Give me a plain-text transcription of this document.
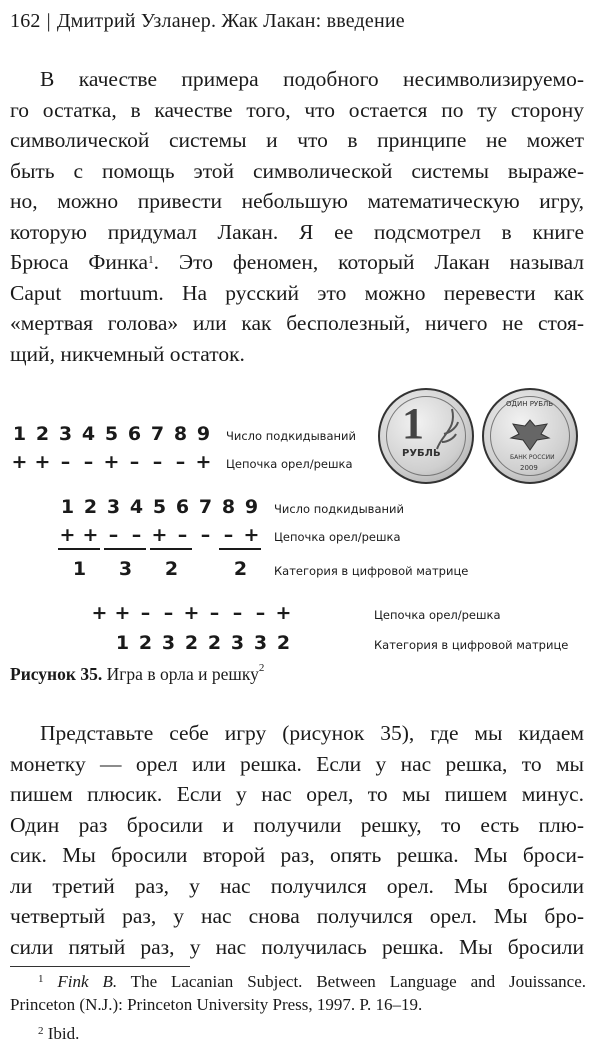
162 | Дмитрий Узланер. Жак Лакан: введение
В качестве примера подобного несимволизируемо-
го остатка, в качестве того, что остается по ту сторону
символической системы и что в принципе не может
быть с помощь этой символической системы выраже-
но, можно привести небольшую математическую игру,
которую придумал Лакан. Я ее подсмотрел в книге
Брюса Финка$^1$. Это феномен, который Лакан называл
Caput mortuum. На русский это можно перевести как
«мертвая голова» или как бесполезный, ничего не стоя-
щий, никчемный остаток.
1
РУБЛЬ
ОДИН РУБЛЬ
БАНК РОССИИ
2009
1 2 3 4 5 6 7 8 9	Число подкидываний
+ + – – + – – – +	Цепочка орел/решка
1 2 3 4 5 6 7 8 9	Число подкидываний
+ + – – + – – – +	Цепочка орел/решка
1 3 2	2	Категория в цифровой матрице
+ + – – + – – – +	Цепочка орел/решка
1 2 3 2 2 3 3 2	Категория в цифровой матрице
Рисунок 35. Игра в орла и решку$^2$
Представьте себе игру (рисунок 35), где мы кидаем
монетку — орел или решка. Если у нас решка, то мы
пишем плюсик. Если у нас орел, то мы пишем минус.
Один раз бросили и получили решку, то есть плю-
сик. Мы бросили второй раз, опять решка. Мы броси-
ли третий раз, у нас получился орел. Мы бросили
четвертый раз, у нас снова получился орел. Мы бро-
сили пятый раз, у нас получилась решка. Мы бросили
$^1$ Fink B. The Lacanian Subject. Between Language and Jouissance.
Princeton (N.J.): Princeton University Press, 1997. P. 16–19.
$^2$ Ibid.
